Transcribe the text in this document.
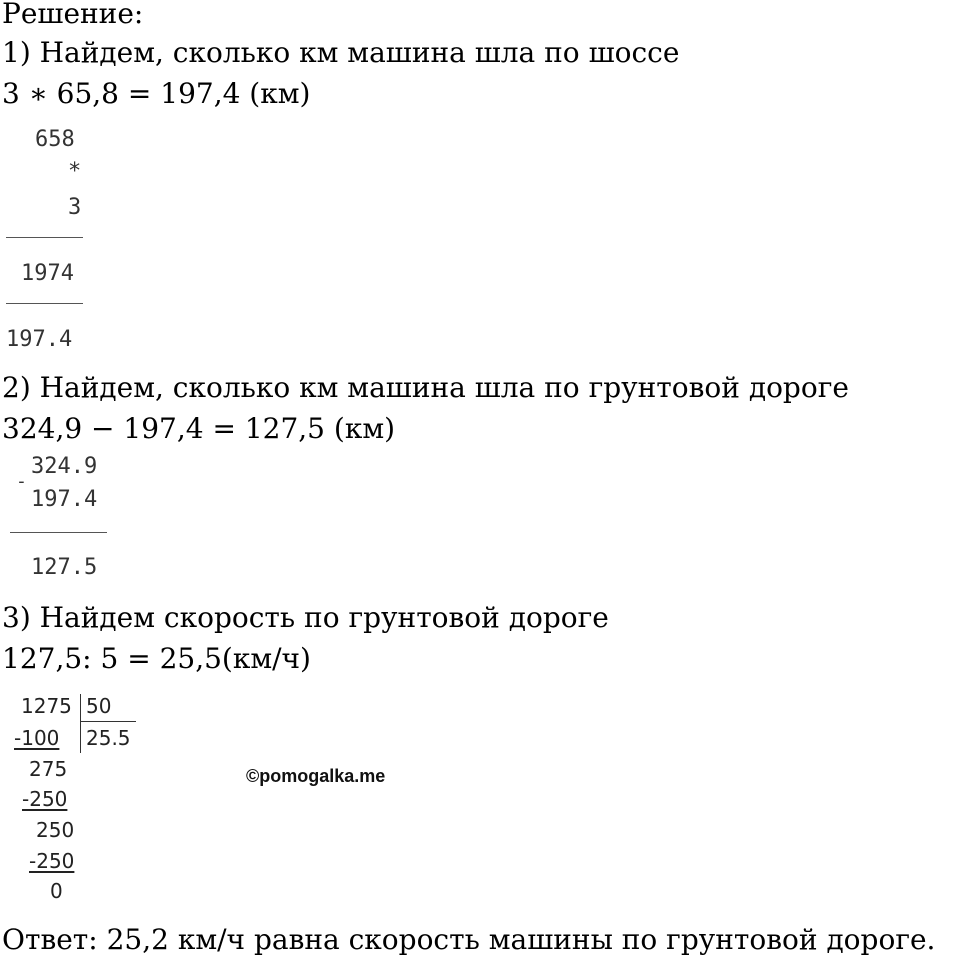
Решение:
1) Найдем, сколько км машина шла по шоссе
3 ∗ 65,8 = 197,4 (км)
658
*
3
1974
197.4
2) Найдем, сколько км машина шла по грунтовой дороге
324,9 − 197,4 = 127,5 (км)
-
324.9
197.4
127.5
3) Найдем скорость по грунтовой дороге
127,5: 5 = 25,5(км/ч)
1275 50
25.5
-100
275
-250
250
-250
0
©pomogalka.me
Ответ: 25,2 км/ч равна скорость машины по грунтовой дороге.
